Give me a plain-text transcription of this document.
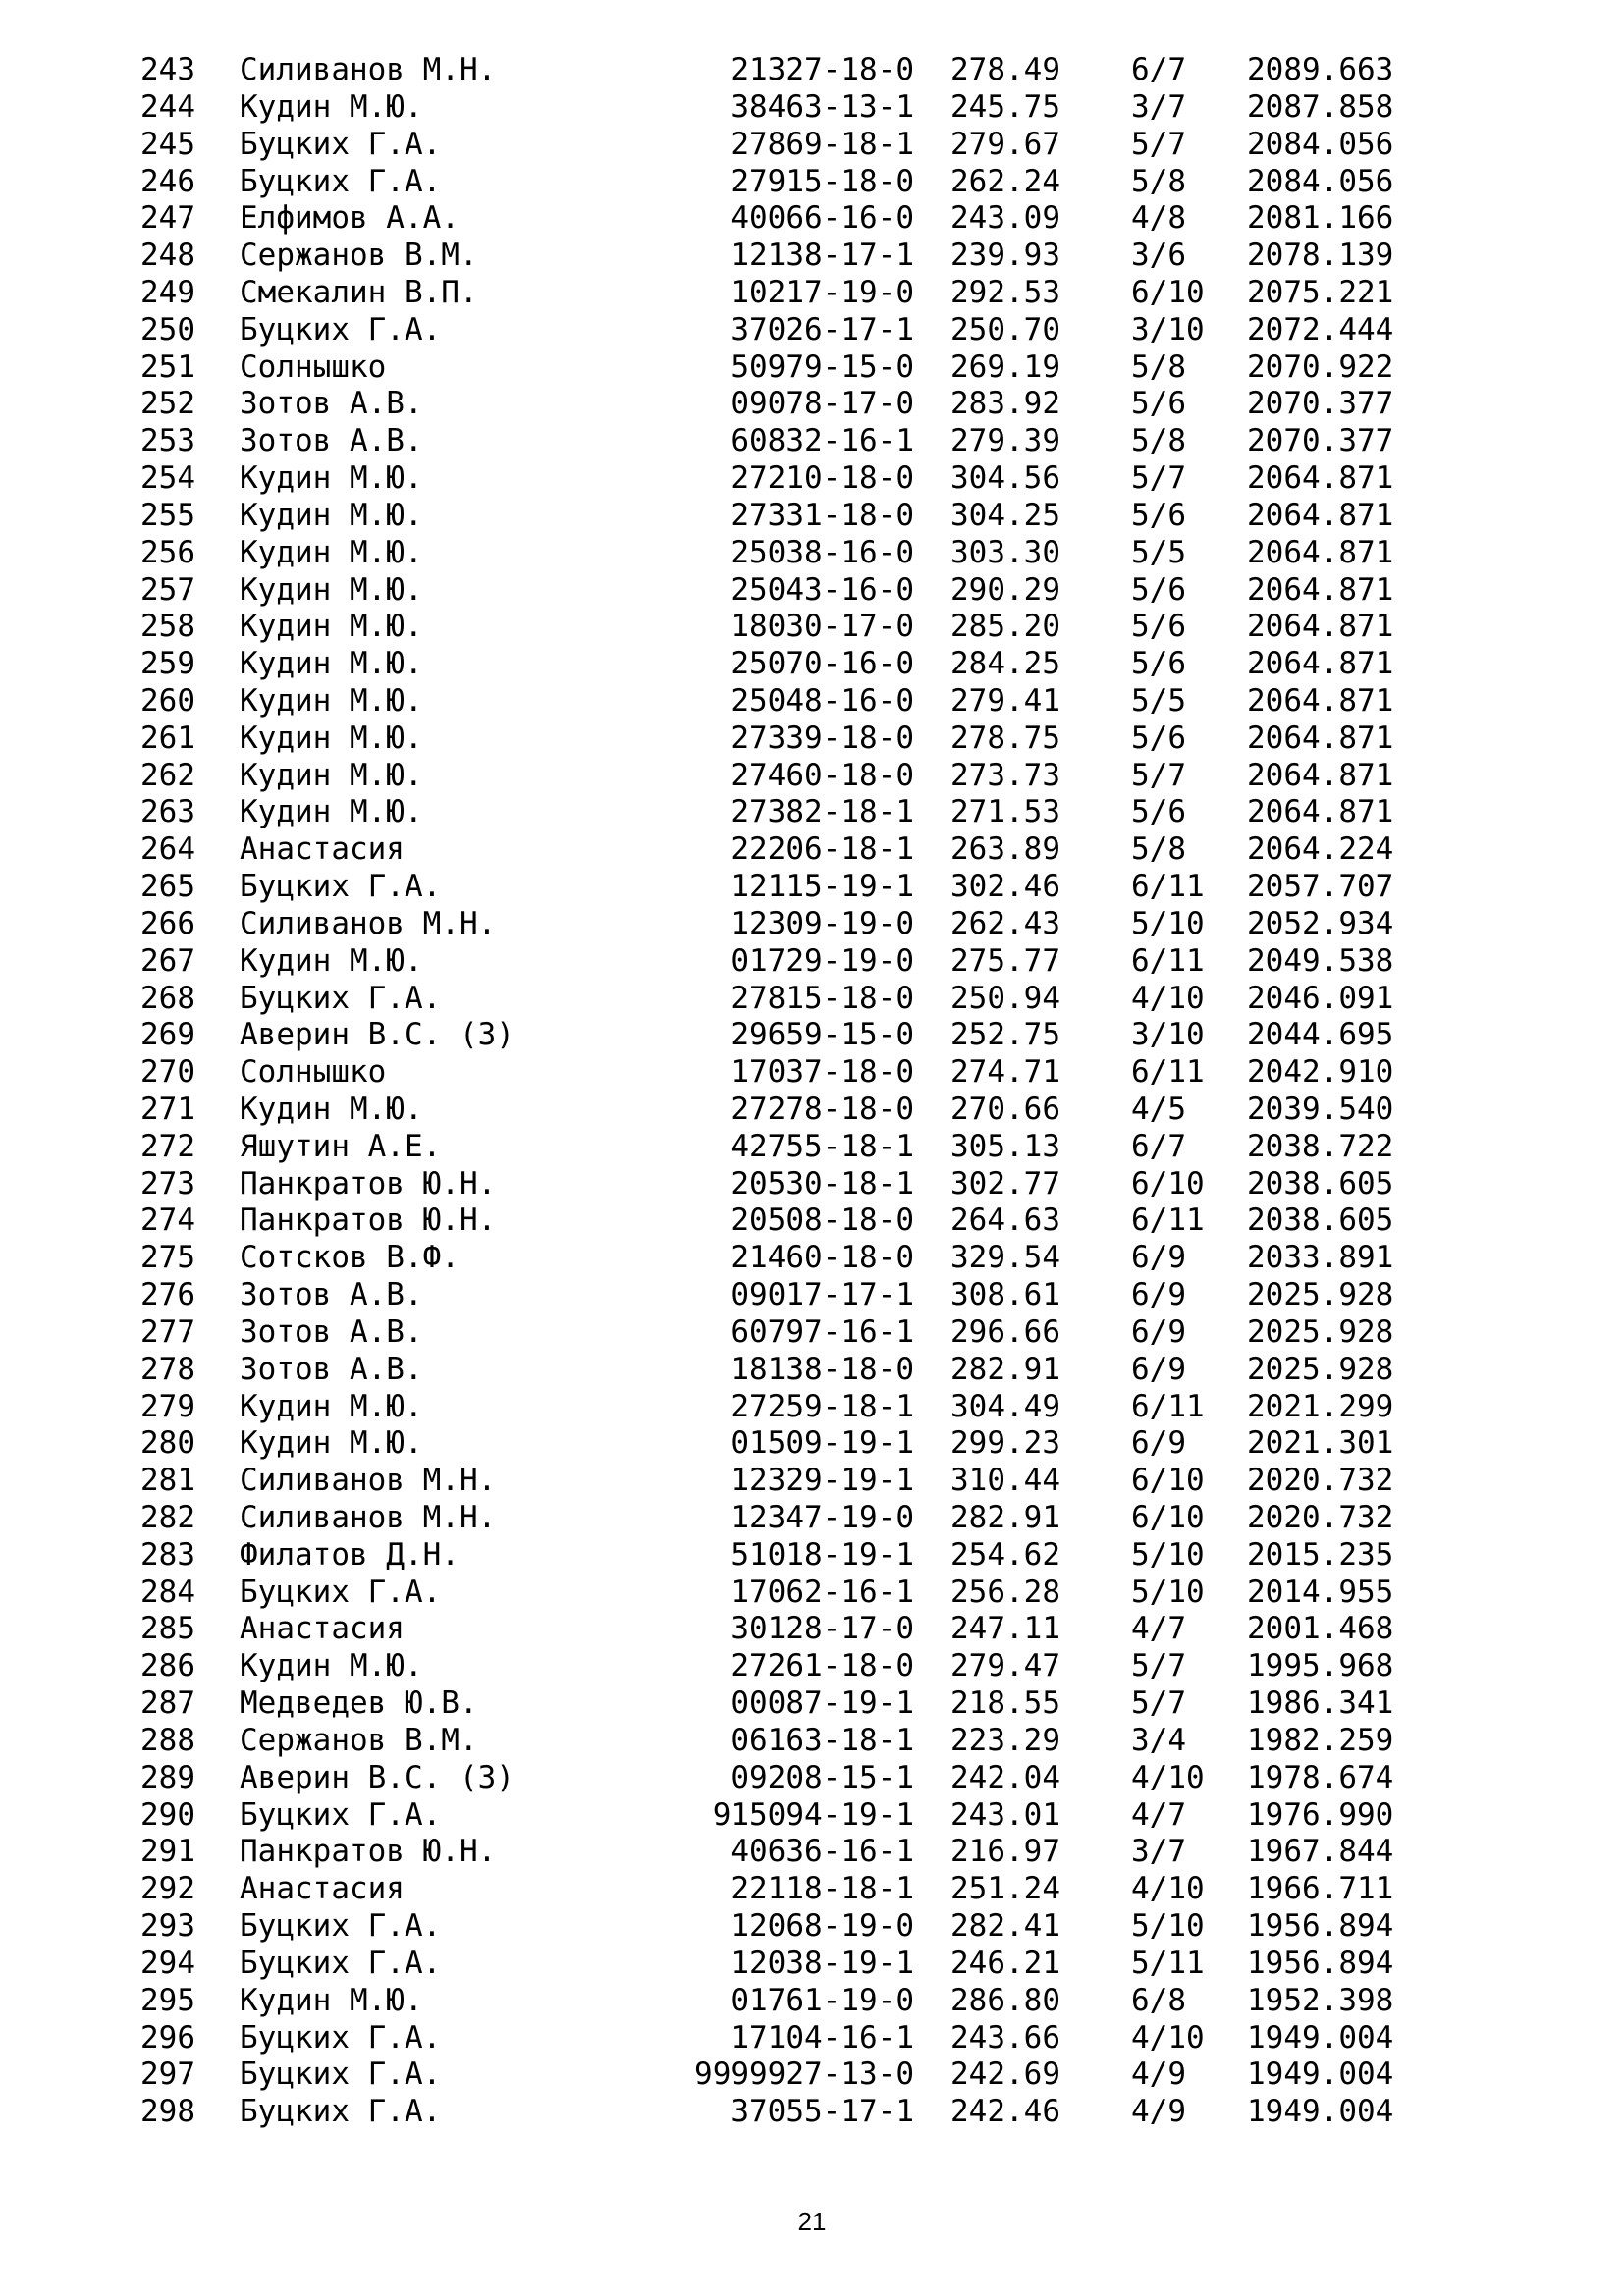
243 Силиванов М.Н.	21327-18-0 278.49 6/7 2089.663
244 Кудин М.Ю.	38463-13-1 245.75 3/7 2087.858
245 Буцких Г.А.	27869-18-1 279.67 5/7 2084.056
246 Буцких Г.А.	27915-18-0 262.24 5/8 2084.056
247 Елфимов А.А.	40066-16-0 243.09 4/8 2081.166
248 Сержанов В.М.	12138-17-1 239.93 3/6 2078.139
249 Смекалин В.П.	10217-19-0 292.53 6/10 2075.221
250 Буцких Г.А.	37026-17-1 250.70 3/10 2072.444
251 Солнышко	50979-15-0 269.19 5/8 2070.922
252 Зотов А.В.	09078-17-0 283.92 5/6 2070.377
253 Зотов А.В.	60832-16-1 279.39 5/8 2070.377
254 Кудин М.Ю.	27210-18-0 304.56 5/7 2064.871
255 Кудин М.Ю.	27331-18-0 304.25 5/6 2064.871
256 Кудин М.Ю.	25038-16-0 303.30 5/5 2064.871
257 Кудин М.Ю.	25043-16-0 290.29 5/6 2064.871
258 Кудин М.Ю.	18030-17-0 285.20 5/6 2064.871
259 Кудин М.Ю.	25070-16-0 284.25 5/6 2064.871
260 Кудин М.Ю.	25048-16-0 279.41 5/5 2064.871
261 Кудин М.Ю.	27339-18-0 278.75 5/6 2064.871
262 Кудин М.Ю.	27460-18-0 273.73 5/7 2064.871
263 Кудин М.Ю.	27382-18-1 271.53 5/6 2064.871
264 Анастасия	22206-18-1 263.89 5/8 2064.224
265 Буцких Г.А.	12115-19-1 302.46 6/11 2057.707
266 Силиванов М.Н.	12309-19-0 262.43 5/10 2052.934
267 Кудин М.Ю.	01729-19-0 275.77 6/11 2049.538
268 Буцких Г.А.	27815-18-0 250.94 4/10 2046.091
269 Аверин В.С. (З)	29659-15-0 252.75 3/10 2044.695
270 Солнышко	17037-18-0 274.71 6/11 2042.910
271 Кудин М.Ю.	27278-18-0 270.66 4/5 2039.540
272 Яшутин А.Е.	42755-18-1 305.13 6/7 2038.722
273 Панкратов Ю.Н.	20530-18-1 302.77 6/10 2038.605
274 Панкратов Ю.Н.	20508-18-0 264.63 6/11 2038.605
275 Сотсков В.Ф.	21460-18-0 329.54 6/9 2033.891
276 Зотов А.В.	09017-17-1 308.61 6/9 2025.928
277 Зотов А.В.	60797-16-1 296.66 6/9 2025.928
278 Зотов А.В.	18138-18-0 282.91 6/9 2025.928
279 Кудин М.Ю.	27259-18-1 304.49 6/11 2021.299
280 Кудин М.Ю.	01509-19-1 299.23 6/9 2021.301
281 Силиванов М.Н.	12329-19-1 310.44 6/10 2020.732
282 Силиванов М.Н.	12347-19-0 282.91 6/10 2020.732
283 Филатов Д.Н.	51018-19-1 254.62 5/10 2015.235
284 Буцких Г.А.	17062-16-1 256.28 5/10 2014.955
285 Анастасия	30128-17-0 247.11 4/7 2001.468
286 Кудин М.Ю.	27261-18-0 279.47 5/7 1995.968
287 Медведев Ю.В.	00087-19-1 218.55 5/7 1986.341
288 Сержанов В.М.	06163-18-1 223.29 3/4 1982.259
289 Аверин В.С. (З)	09208-15-1 242.04 4/10 1978.674
290 Буцких Г.А.	915094-19-1 243.01 4/7 1976.990
291 Панкратов Ю.Н.	40636-16-1 216.97 3/7 1967.844
292 Анастасия	22118-18-1 251.24 4/10 1966.711
293 Буцких Г.А.	12068-19-0 282.41 5/10 1956.894
294 Буцких Г.А.	12038-19-1 246.21 5/11 1956.894
295 Кудин М.Ю.	01761-19-0 286.80 6/8 1952.398
296 Буцких Г.А.	17104-16-1 243.66 4/10 1949.004
297 Буцких Г.А.	9999927-13-0 242.69 4/9 1949.004
298 Буцких Г.А.	37055-17-1 242.46 4/9 1949.004
21
